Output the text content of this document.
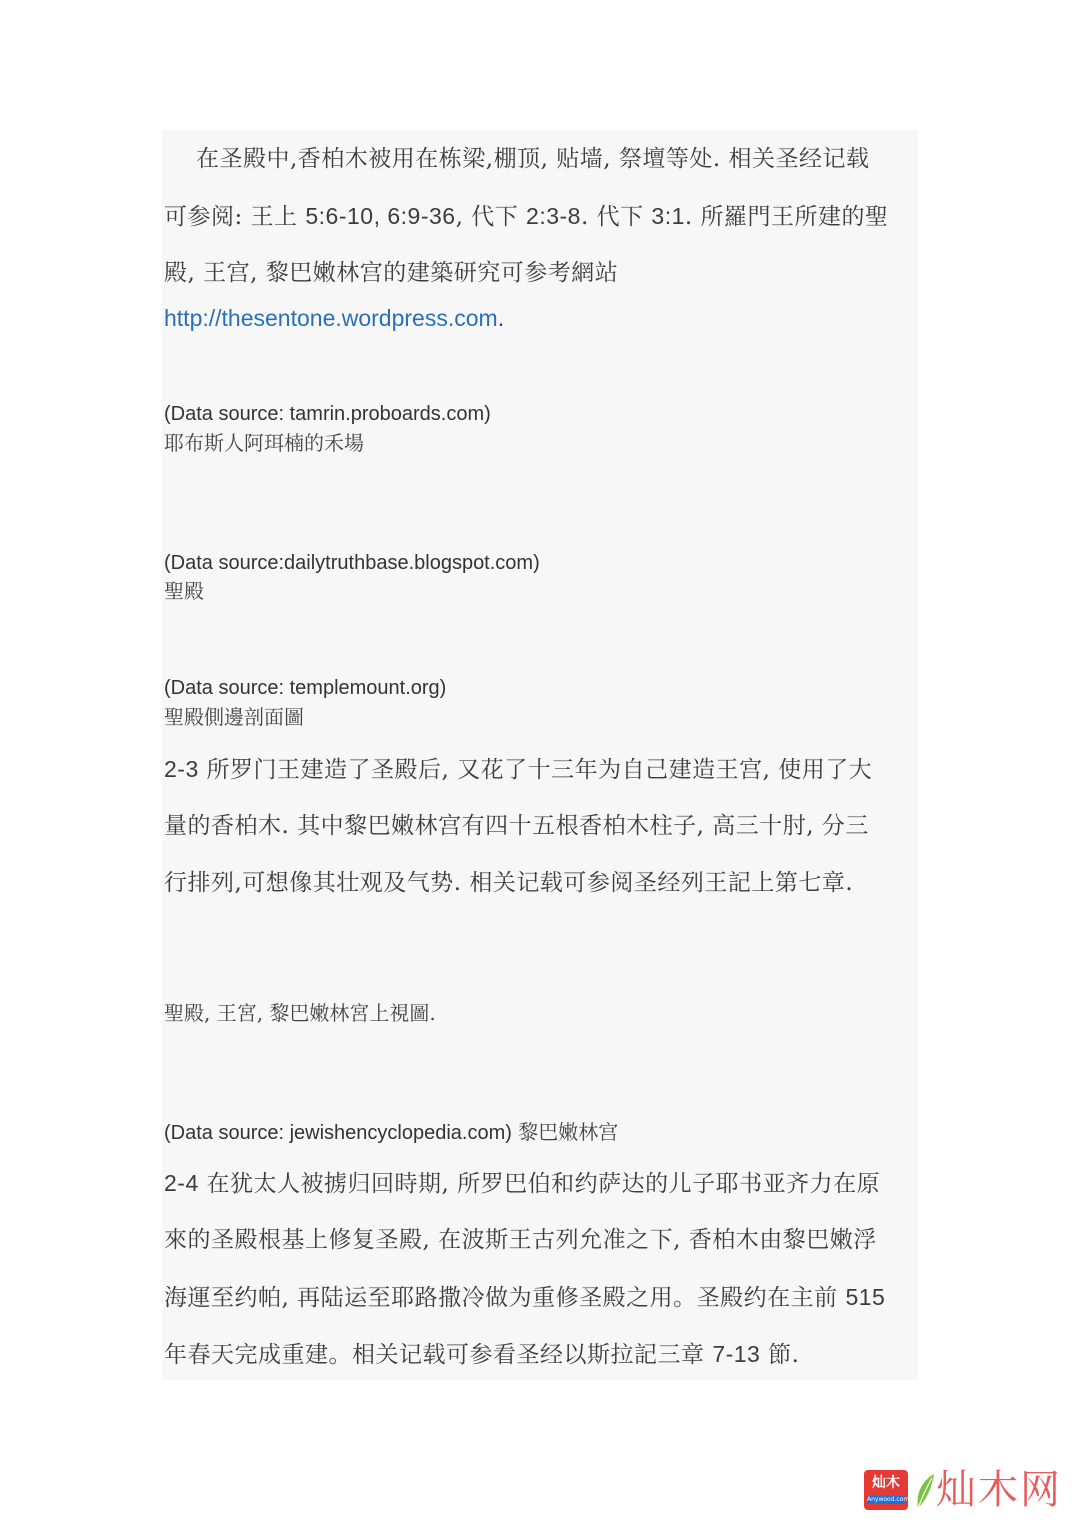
在圣殿中,香柏木被用在栋梁,棚顶, 贴墙, 祭壇等处. 相关圣经记载
可参阅: 王上 5:6-10, 6:9-36, 代下 2:3-8. 代下 3:1. 所羅門王所建的聖
殿, 王宫, 黎巴嫩林宫的建築研究可参考網站
http://thesentone.wordpress.com.
(Data source: tamrin.proboards.com)
耶布斯人阿珥楠的禾場
(Data source:dailytruthbase.blogspot.com)
聖殿
(Data source: templemount.org)
聖殿側邊剖面圖
2-3 所罗门王建造了圣殿后, 又花了十三年为自己建造王宫, 使用了大
量的香柏木. 其中黎巴嫩林宫有四十五根香柏木柱子, 高三十肘, 分三
行排列,可想像其壮观及气势. 相关记载可参阅圣经列王記上第七章.
聖殿, 王宮, 黎巴嫩林宮上視圖.
(Data source: jewishencyclopedia.com) 黎巴嫩林宫
2-4 在犹太人被掳归回時期, 所罗巴伯和约萨达的儿子耶书亚齐力在原
來的圣殿根基上修复圣殿, 在波斯王古列允准之下, 香柏木由黎巴嫩浮
海運至约帕, 再陆运至耶路撒冷做为重修圣殿之用。圣殿约在主前 515
年春天完成重建。相关记载可参看圣经以斯拉記三章 7-13 節.
灿木
Anywood.com 灿木网
